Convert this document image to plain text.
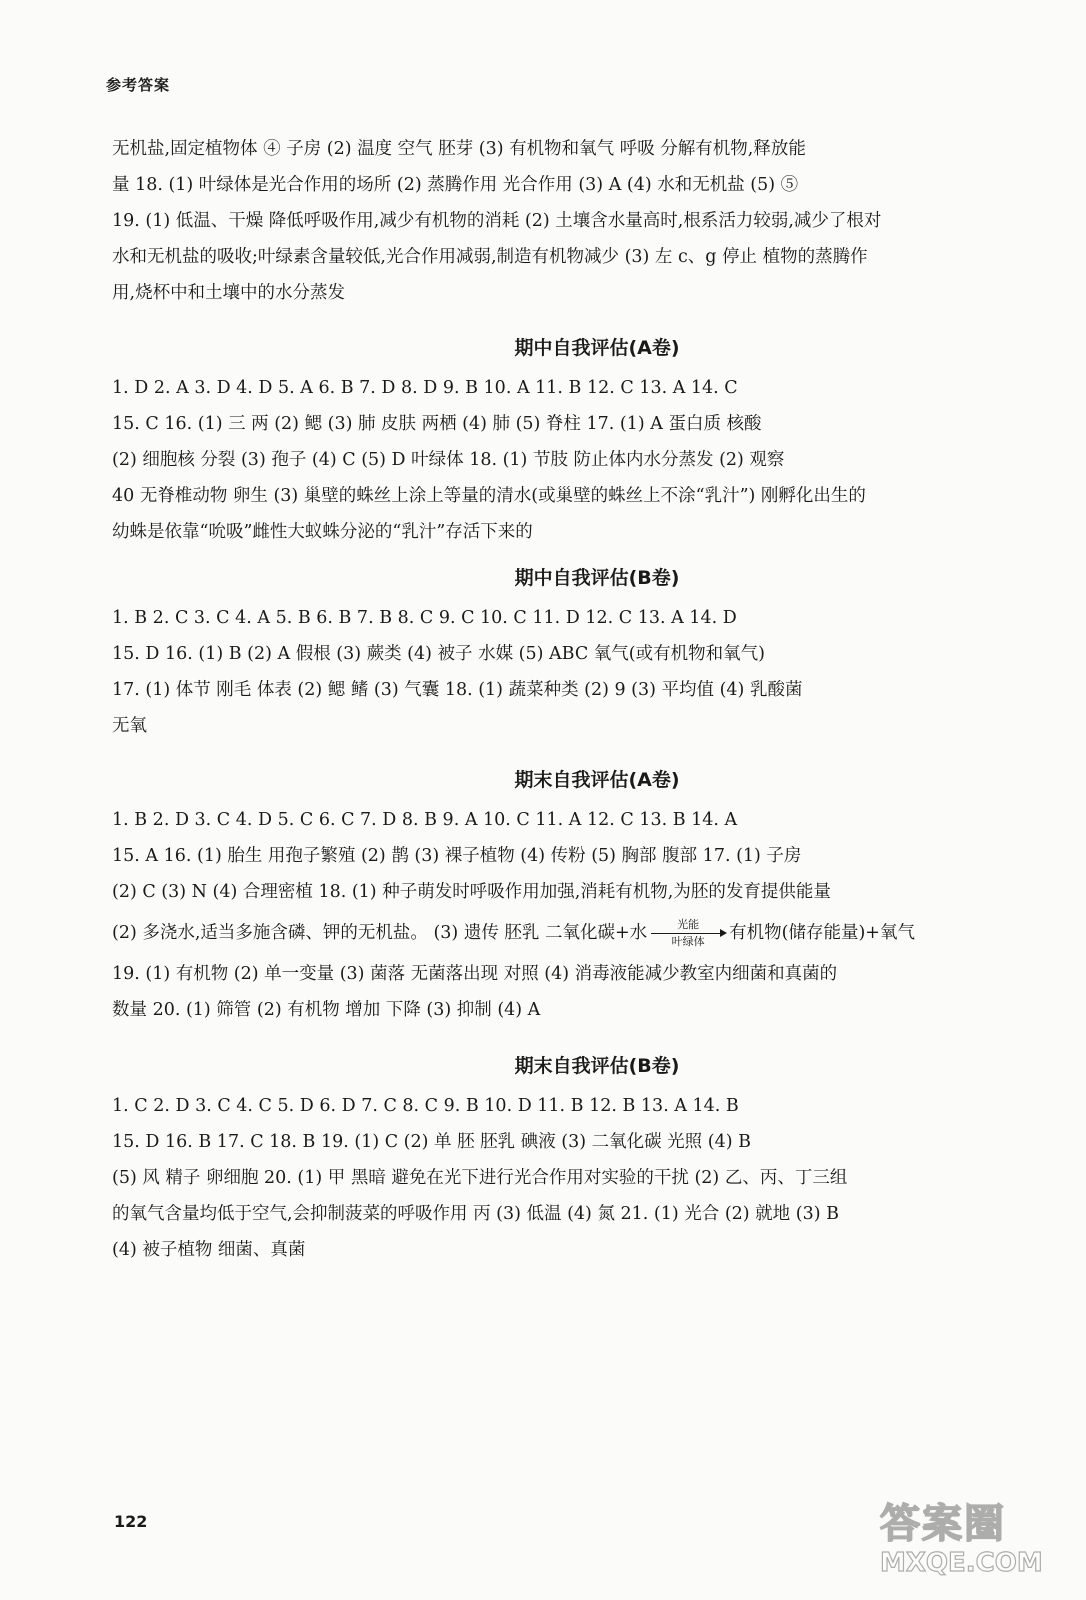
参考答案
无机盐,固定植物体 ④ 子房 (2) 温度 空气 胚芽 (3) 有机物和氧气 呼吸 分解有机物,释放能
量 18. (1) 叶绿体是光合作用的场所 (2) 蒸腾作用 光合作用 (3) A (4) 水和无机盐 (5) ⑤
19. (1) 低温、干燥 降低呼吸作用,减少有机物的消耗 (2) 土壤含水量高时,根系活力较弱,减少了根对
水和无机盐的吸收;叶绿素含量较低,光合作用减弱,制造有机物减少 (3) 左 c、g 停止 植物的蒸腾作
用,烧杯中和土壤中的水分蒸发
期中自我评估(A卷)
1. D 2. A 3. D 4. D 5. A 6. B 7. D 8. D 9. B 10. A 11. B 12. C 13. A 14. C
15. C 16. (1) 三 两 (2) 鳃 (3) 肺 皮肤 两栖 (4) 肺 (5) 脊柱 17. (1) A 蛋白质 核酸
(2) 细胞核 分裂 (3) 孢子 (4) C (5) D 叶绿体 18. (1) 节肢 防止体内水分蒸发 (2) 观察
40 无脊椎动物 卵生 (3) 巢壁的蛛丝上涂上等量的清水(或巢壁的蛛丝上不涂“乳汁”) 刚孵化出生的
幼蛛是依靠“吮吸”雌性大蚁蛛分泌的“乳汁”存活下来的
期中自我评估(B卷)
1. B 2. C 3. C 4. A 5. B 6. B 7. B 8. C 9. C 10. C 11. D 12. C 13. A 14. D
15. D 16. (1) B (2) A 假根 (3) 蕨类 (4) 被子 水媒 (5) ABC 氧气(或有机物和氧气)
17. (1) 体节 刚毛 体表 (2) 鳃 鳍 (3) 气囊 18. (1) 蔬菜种类 (2) 9 (3) 平均值 (4) 乳酸菌
无氧
期末自我评估(A卷)
1. B 2. D 3. C 4. D 5. C 6. C 7. D 8. B 9. A 10. C 11. A 12. C 13. B 14. A
15. A 16. (1) 胎生 用孢子繁殖 (2) 鹊 (3) 裸子植物 (4) 传粉 (5) 胸部 腹部 17. (1) 子房
(2) C (3) N (4) 合理密植 18. (1) 种子萌发时呼吸作用加强,消耗有机物,为胚的发育提供能量
(2) 多浇水,适当多施含磷、钾的无机盐。 (3) 遗传 胚乳 二氧化碳+水	光能
叶绿体	有机物(储存能量)+氧气
19. (1) 有机物 (2) 单一变量 (3) 菌落 无菌落出现 对照 (4) 消毒液能减少教室内细菌和真菌的
数量 20. (1) 筛管 (2) 有机物 增加 下降 (3) 抑制 (4) A
期末自我评估(B卷)
1. C 2. D 3. C 4. C 5. D 6. D 7. C 8. C 9. B 10. D 11. B 12. B 13. A 14. B
15. D 16. B 17. C 18. B 19. (1) C (2) 单 胚 胚乳 碘液 (3) 二氧化碳 光照 (4) B
(5) 风 精子 卵细胞 20. (1) 甲 黑暗 避免在光下进行光合作用对实验的干扰 (2) 乙、丙、丁三组
的氧气含量均低于空气,会抑制菠菜的呼吸作用 丙 (3) 低温 (4) 氮 21. (1) 光合 (2) 就地 (3) B
(4) 被子植物 细菌、真菌
122	答案圈
MXQE.COM
